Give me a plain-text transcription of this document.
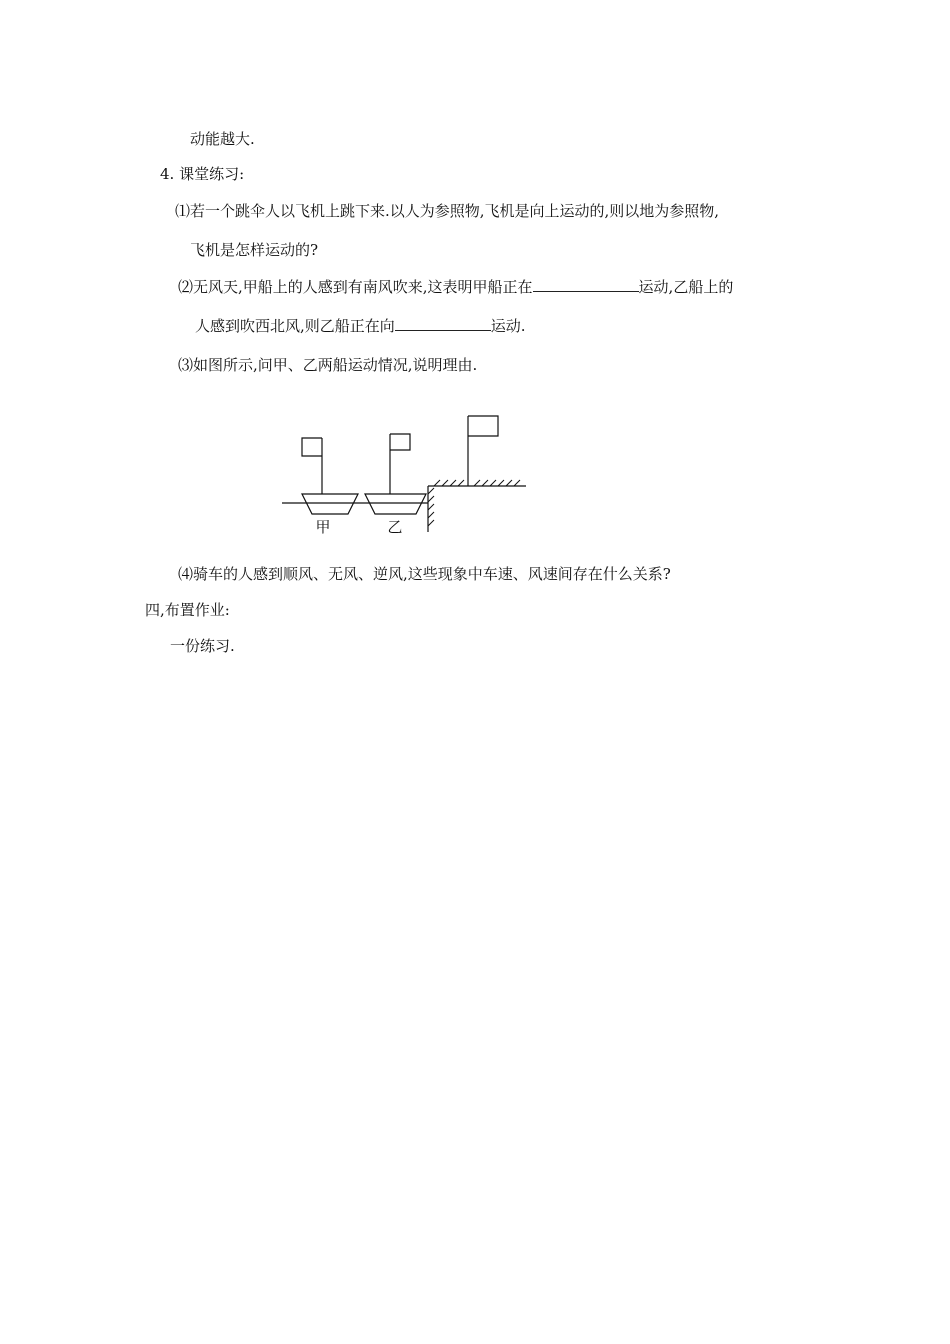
动能越大.
4. 课堂练习:
⑴若一个跳伞人以飞机上跳下来.以人为参照物,飞机是向上运动的,则以地为参照物,
飞机是怎样运动的?
⑵无风天,甲船上的人感到有南风吹来,这表明甲船正在	运动,乙船上的
人感到吹西北风,则乙船正在向	运动.
⑶如图所示,问甲、乙两船运动情况,说明理由.
甲	乙
⑷骑车的人感到顺风、无风、逆风,这些现象中车速、风速间存在什么关系?
四,布置作业:
一份练习.
